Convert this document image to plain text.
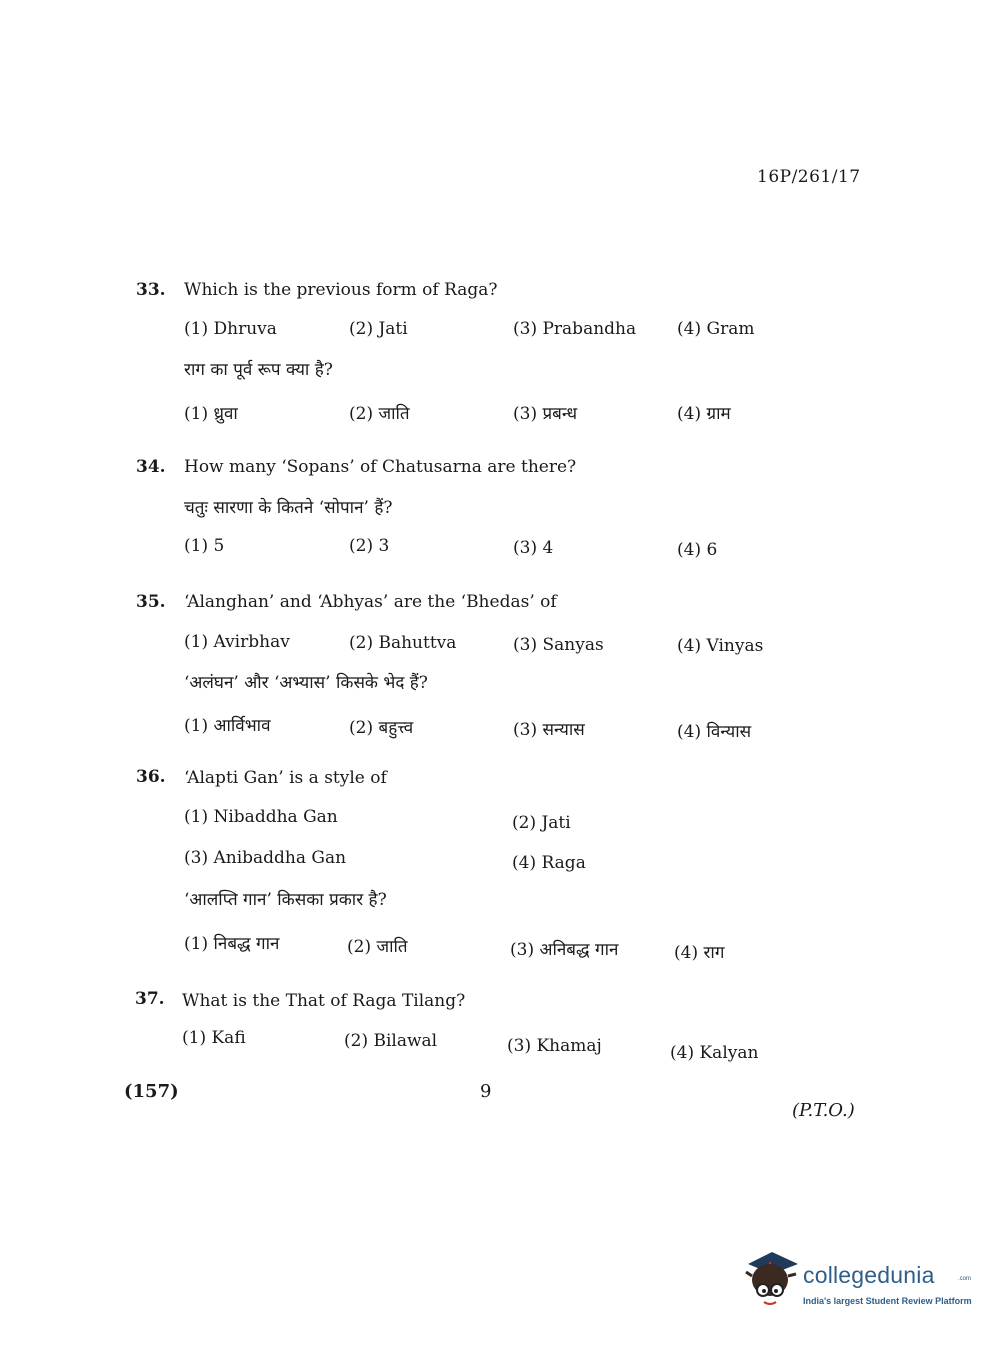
16P/261/17
33. Which is the previous form of Raga?
(1) Dhruva	(2) Jati	(3) Prabandha (4) Gram
राग का पूर्व रूप क्या है?
(1) ध्रुवा	(2) जाति	(3) प्रबन्ध	(4) ग्राम
34. How many ‘Sopans’ of Chatusarna are there?
चतुः सारणा के कितने ‘सोपान’ हैं?
(1) 5	(2) 3	(3) 4	(4) 6
35. ‘Alanghan’ and ‘Abhyas’ are the ‘Bhedas’ of
(1) Avirbhav	(2) Bahuttva	(3) Sanyas	(4) Vinyas
‘अलंघन’ और ‘अभ्यास’ किसके भेद हैं?
(1) आर्विभाव	(2) बहुत्त्व	(3) सन्यास	(4) विन्यास
36. ‘Alapti Gan’ is a style of
(1) Nibaddha Gan	(2) Jati
(3) Anibaddha Gan	(4) Raga
‘आलप्ति गान’ किसका प्रकार है?
(1) निबद्ध गान	(2) जाति	(3) अनिबद्ध गान	(4) राग
37. What is the That of Raga Tilang?
(1) Kafi	(2) Bilawal	(3) Khamaj	(4) Kalyan
(157)	9
(P.T.O.)
collegedunia	.com
India's largest Student Review Platform
